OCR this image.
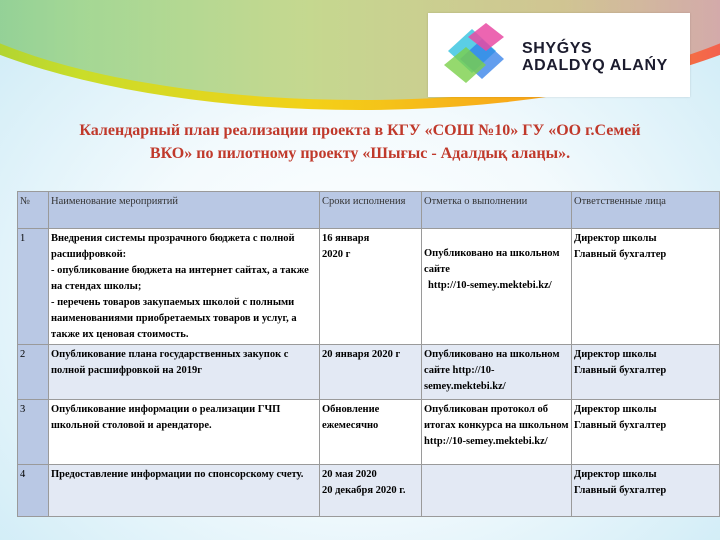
SHYǴYS
ADALDYQ ALAŃY
Календарный план реализации проекта в КГУ «СОШ №10» ГУ «ОО г.Семей
ВКО» по пилотному проекту «Шығыс - Адалдық алаңы».
№	Наименование мероприятий	Сроки исполнения	Отметка о выполнении	Ответственные лица
1	Внедрения системы прозрачного бюджета с полной расшифровкой:
- опубликование бюджета на интернет сайтах, а также на стендах школы;
- перечень товаров закупаемых школой с полными наименованиями приобретаемых товаров и услуг, а также их ценовая стоимость.	16 января
2020 г	Опубликовано на школьном сайте
http://10-semey.mektebi.kz/	Директор школы
Главный бухгалтер

2	Опубликование плана государственных закупок с полной расшифровкой на 2019г	20 января 2020 г	Опубликовано на школьном сайте http://10-semey.mektebi.kz/	Директор школы
Главный бухгалтер

3	Опубликование информации о реализации ГЧП школьной столовой и арендаторе.	Обновление ежемесячно	Опубликован протокол об итогах конкурса на школьном http://10-semey.mektebi.kz/	Директор школы
Главный бухгалтер

4	Предоставление информации по спонсорскому счету.	20 мая 2020
20 декабря 2020 г.		Директор школы
Главный бухгалтер
